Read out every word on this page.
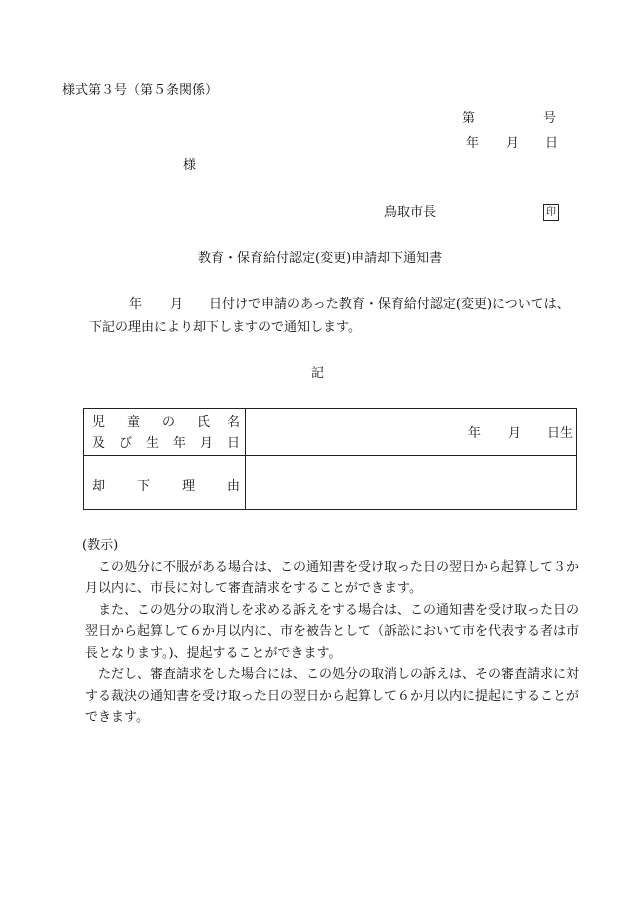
様式第３号（第５条関係）
第	号
年 月 日
様
鳥取市長	印
教育・保育給付認定(変更)申請却下通知書
年 月 日付けで申請のあった教育・保育給付認定(変更)については、
下記の理由により却下しますので通知します。
記
児 童 の 氏 名
及 び 生 年 月 日
年 月 日生
却 下 理 由

(教示)

この処分に不服がある場合は、この通知書を受け取った日の翌日から起算して３か月以内に、市長に対して審査請求をすることができます。

また、この処分の取消しを求める訴えをする場合は、この通知書を受け取った日の翌日から起算して６か月以内に、市を被告として（訴訟において市を代表する者は市長となります。)、提起することができます。

ただし、審査請求をした場合には、この処分の取消しの訴えは、その審査請求に対する裁決の通知書を受け取った日の翌日から起算して６か月以内に提起にすることができます。
